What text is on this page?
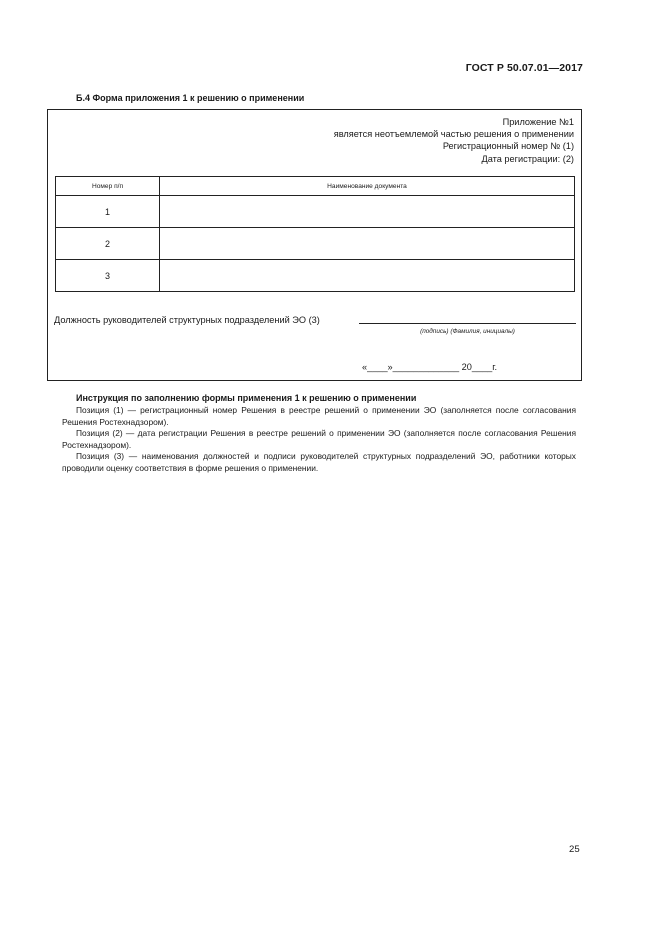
ГОСТ Р 50.07.01—2017
Б.4 Форма приложения 1 к решению о применении
Приложение №1
является неотъемлемой частью решения о применении
Регистрационный номер № (1)
Дата регистрации: (2)
Номер п/п	Наименование документа
1	
2	
3	
Должность руководителей структурных подразделений ЭО (3)
(подпись) (Фамилия, инициалы)
«____»_____________ 20____г.
Инструкция по заполнению формы применения 1 к решению о применении

Позиция (1) — регистрационный номер Решения в реестре решений о применении ЭО (заполняется после согласования Решения Ростехнадзором).

Позиция (2) — дата регистрации Решения в реестре решений о применении ЭО (заполняется после согласования Решения Ростехнадзором).

Позиция (3) — наименования должностей и подписи руководителей структурных подразделений ЭО, работники которых проводили оценку соответствия в форме решения о применении.

25
